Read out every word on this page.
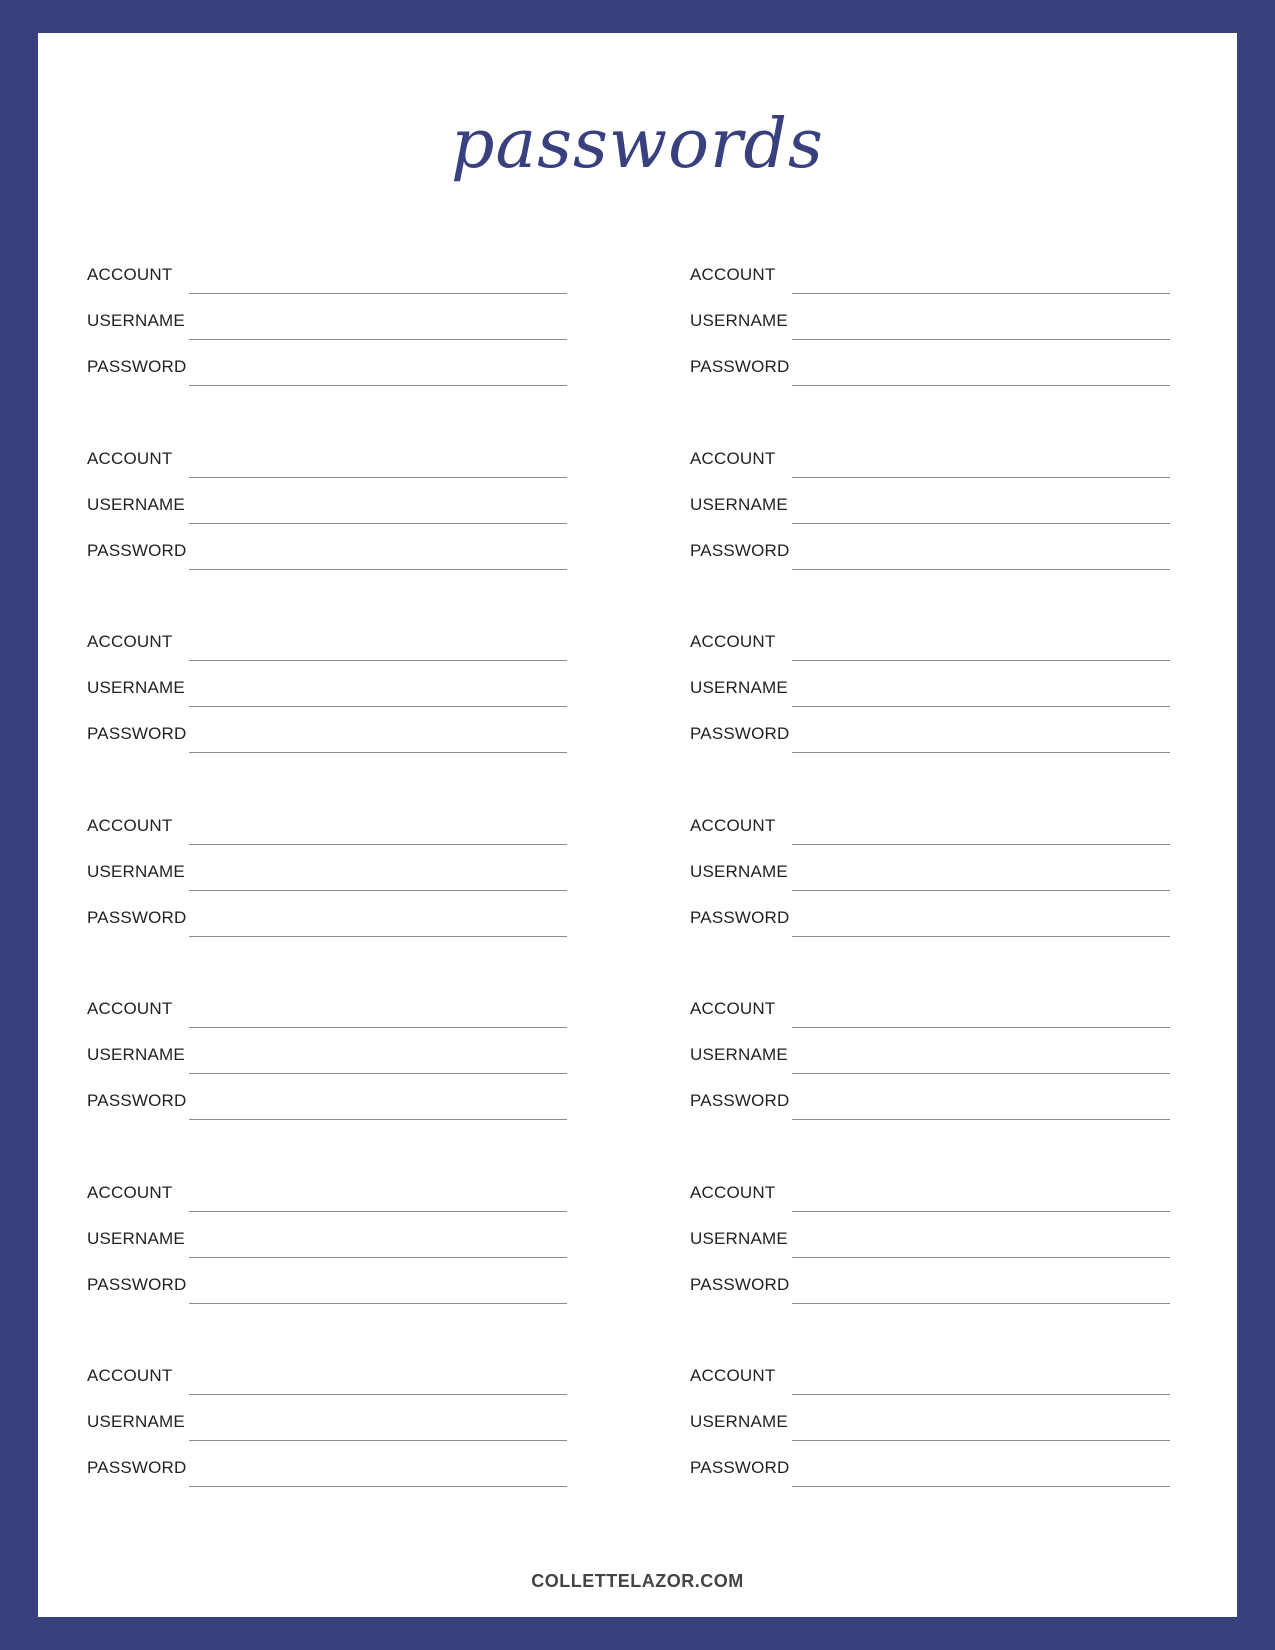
passwords
ACCOUNT
USERNAME
PASSWORD
ACCOUNT
USERNAME
PASSWORD
ACCOUNT
USERNAME
PASSWORD
ACCOUNT
USERNAME
PASSWORD
ACCOUNT
USERNAME
PASSWORD
ACCOUNT
USERNAME
PASSWORD
ACCOUNT
USERNAME
PASSWORD
ACCOUNT
USERNAME
PASSWORD
ACCOUNT
USERNAME
PASSWORD
ACCOUNT
USERNAME
PASSWORD
ACCOUNT
USERNAME
PASSWORD
ACCOUNT
USERNAME
PASSWORD
ACCOUNT
USERNAME
PASSWORD
ACCOUNT
USERNAME
PASSWORD
COLLETTELAZOR.COM
